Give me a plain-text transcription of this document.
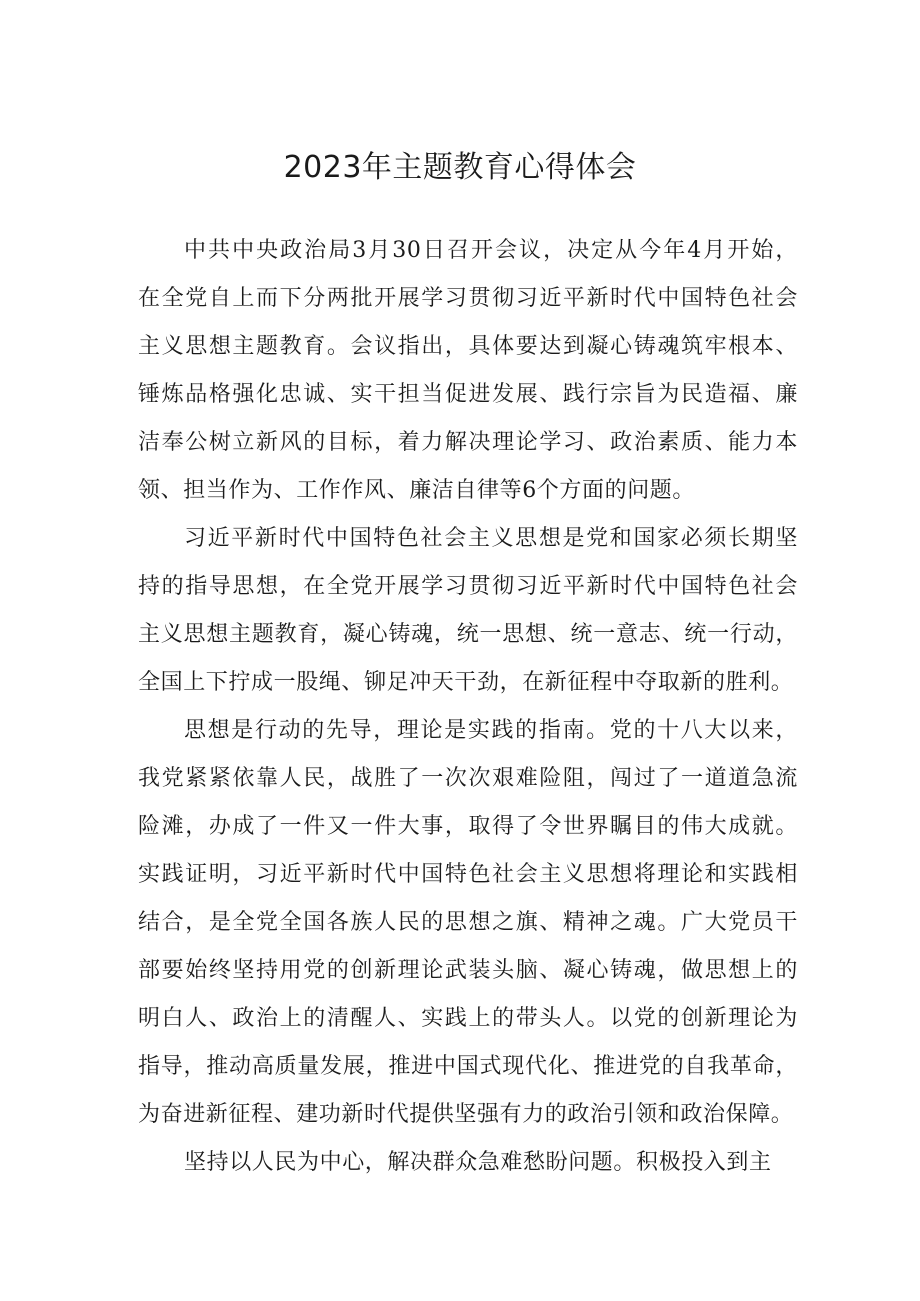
2023年主题教育心得体会
中共中央政治局3月30日召开会议，决定从今年4月开始，
在全党自上而下分两批开展学习贯彻习近平新时代中国特色社会
主义思想主题教育。会议指出，具体要达到凝心铸魂筑牢根本、
锤炼品格强化忠诚、实干担当促进发展、践行宗旨为民造福、廉
洁奉公树立新风的目标，着力解决理论学习、政治素质、能力本
领、担当作为、工作作风、廉洁自律等6个方面的问题。
习近平新时代中国特色社会主义思想是党和国家必须长期坚
持的指导思想，在全党开展学习贯彻习近平新时代中国特色社会
主义思想主题教育，凝心铸魂，统一思想、统一意志、统一行动，
全国上下拧成一股绳、铆足冲天干劲，在新征程中夺取新的胜利。
思想是行动的先导，理论是实践的指南。党的十八大以来，
我党紧紧依靠人民，战胜了一次次艰难险阻，闯过了一道道急流
险滩，办成了一件又一件大事，取得了令世界瞩目的伟大成就。
实践证明，习近平新时代中国特色社会主义思想将理论和实践相
结合，是全党全国各族人民的思想之旗、精神之魂。广大党员干
部要始终坚持用党的创新理论武装头脑、凝心铸魂，做思想上的
明白人、政治上的清醒人、实践上的带头人。以党的创新理论为
指导，推动高质量发展，推进中国式现代化、推进党的自我革命，
为奋进新征程、建功新时代提供坚强有力的政治引领和政治保障。
坚持以人民为中心，解决群众急难愁盼问题。积极投入到主
